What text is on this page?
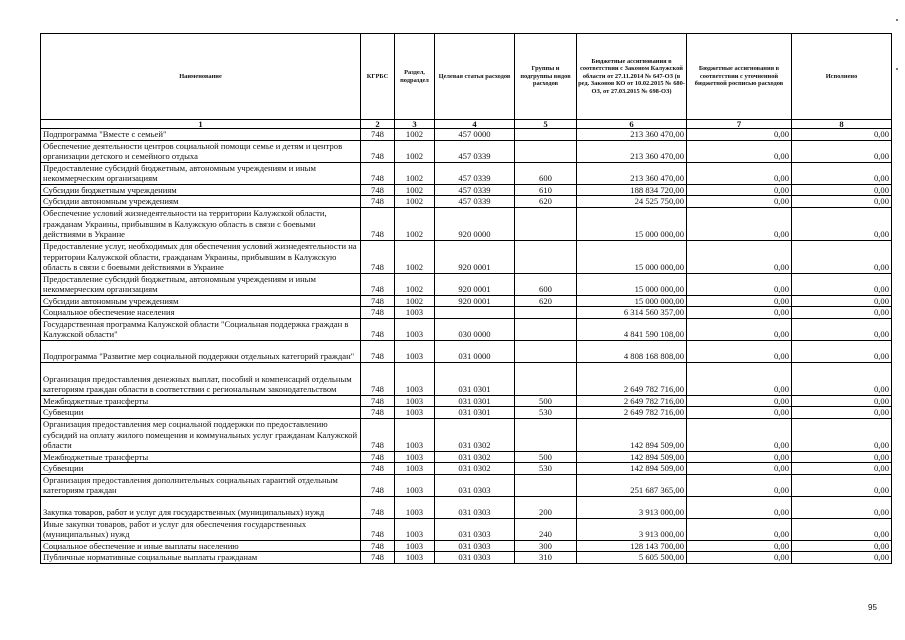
Наименование	КГРБС	Раздел, подраздел	Целевая статья расходов	Группы и подгруппы видов расходов	Бюджетные ассигнования в соответствии с Законом Калужской области от 27.11.2014 № 647-ОЗ (в ред. Законов КО от 10.02.2015 № 680-ОЗ, от 27.03.2015 № 698-ОЗ)	Бюджетные ассигнования в соответствии с уточненной бюджетной росписью расходов	Исполнено
1	2	3	4	5	6	7	8
Подпрограмма "Вместе с семьей"	748	1002	457 0000		213 360 470,00	0,00	0,00
Обеспечение деятельности центров социальной помощи семье и детям и центров организации детского и семейного отдыха	748	1002	457 0339		213 360 470,00	0,00	0,00
Предоставление субсидий бюджетным, автономным учреждениям и иным некоммерческим организациям	748	1002	457 0339	600	213 360 470,00	0,00	0,00
Субсидии бюджетным учреждениям	748	1002	457 0339	610	188 834 720,00	0,00	0,00
Субсидии автономным учреждениям	748	1002	457 0339	620	24 525 750,00	0,00	0,00
Обеспечение условий жизнедеятельности на территории Калужской области, гражданам Украины, прибывшим в Калужскую область в связи с боевыми действиями в Украине	748	1002	920 0000		15 000 000,00	0,00	0,00
Предоставление услуг, необходимых для обеспечения условий жизнедеятельности на территории Калужской области, гражданам Украины, прибывшим в Калужскую область в связи с боевыми действиями в Украине	748	1002	920 0001		15 000 000,00	0,00	0,00
Предоставление субсидий бюджетным, автономным учреждениям и иным некоммерческим организациям	748	1002	920 0001	600	15 000 000,00	0,00	0,00
Субсидии автономным учреждениям	748	1002	920 0001	620	15 000 000,00	0,00	0,00
Социальное обеспечение населения	748	1003			6 314 560 357,00	0,00	0,00
Государственная программа Калужской области "Социальная поддержка граждан в Калужской области"	748	1003	030 0000		4 841 590 108,00	0,00	0,00
Подпрограмма "Развитие мер социальной поддержки отдельных категорий граждан"	748	1003	031 0000		4 808 168 808,00	0,00	0,00
Организация предоставления денежных выплат, пособий и компенсаций отдельным категориям граждан области в соответствии с региональным законодательством	748	1003	031 0301		2 649 782 716,00	0,00	0,00
Межбюджетные трансферты	748	1003	031 0301	500	2 649 782 716,00	0,00	0,00
Субвенции	748	1003	031 0301	530	2 649 782 716,00	0,00	0,00
Организация предоставления мер социальной поддержки по предоставлению субсидий на оплату жилого помещения и коммунальных услуг гражданам Калужской области	748	1003	031 0302		142 894 509,00	0,00	0,00
Межбюджетные трансферты	748	1003	031 0302	500	142 894 509,00	0,00	0,00
Субвенции	748	1003	031 0302	530	142 894 509,00	0,00	0,00
Организация предоставления дополнительных социальных гарантий отдельным категориям граждан	748	1003	031 0303		251 687 365,00	0,00	0,00
Закупка товаров, работ и услуг для государственных (муниципальных) нужд	748	1003	031 0303	200	3 913 000,00	0,00	0,00
Иные закупки товаров, работ и услуг для обеспечения государственных (муниципальных) нужд	748	1003	031 0303	240	3 913 000,00	0,00	0,00
Социальное обеспечение и иные выплаты населению	748	1003	031 0303	300	128 143 700,00	0,00	0,00
Публичные нормативные социальные выплаты гражданам	748	1003	031 0303	310	5 605 500,00	0,00	0,00
95
